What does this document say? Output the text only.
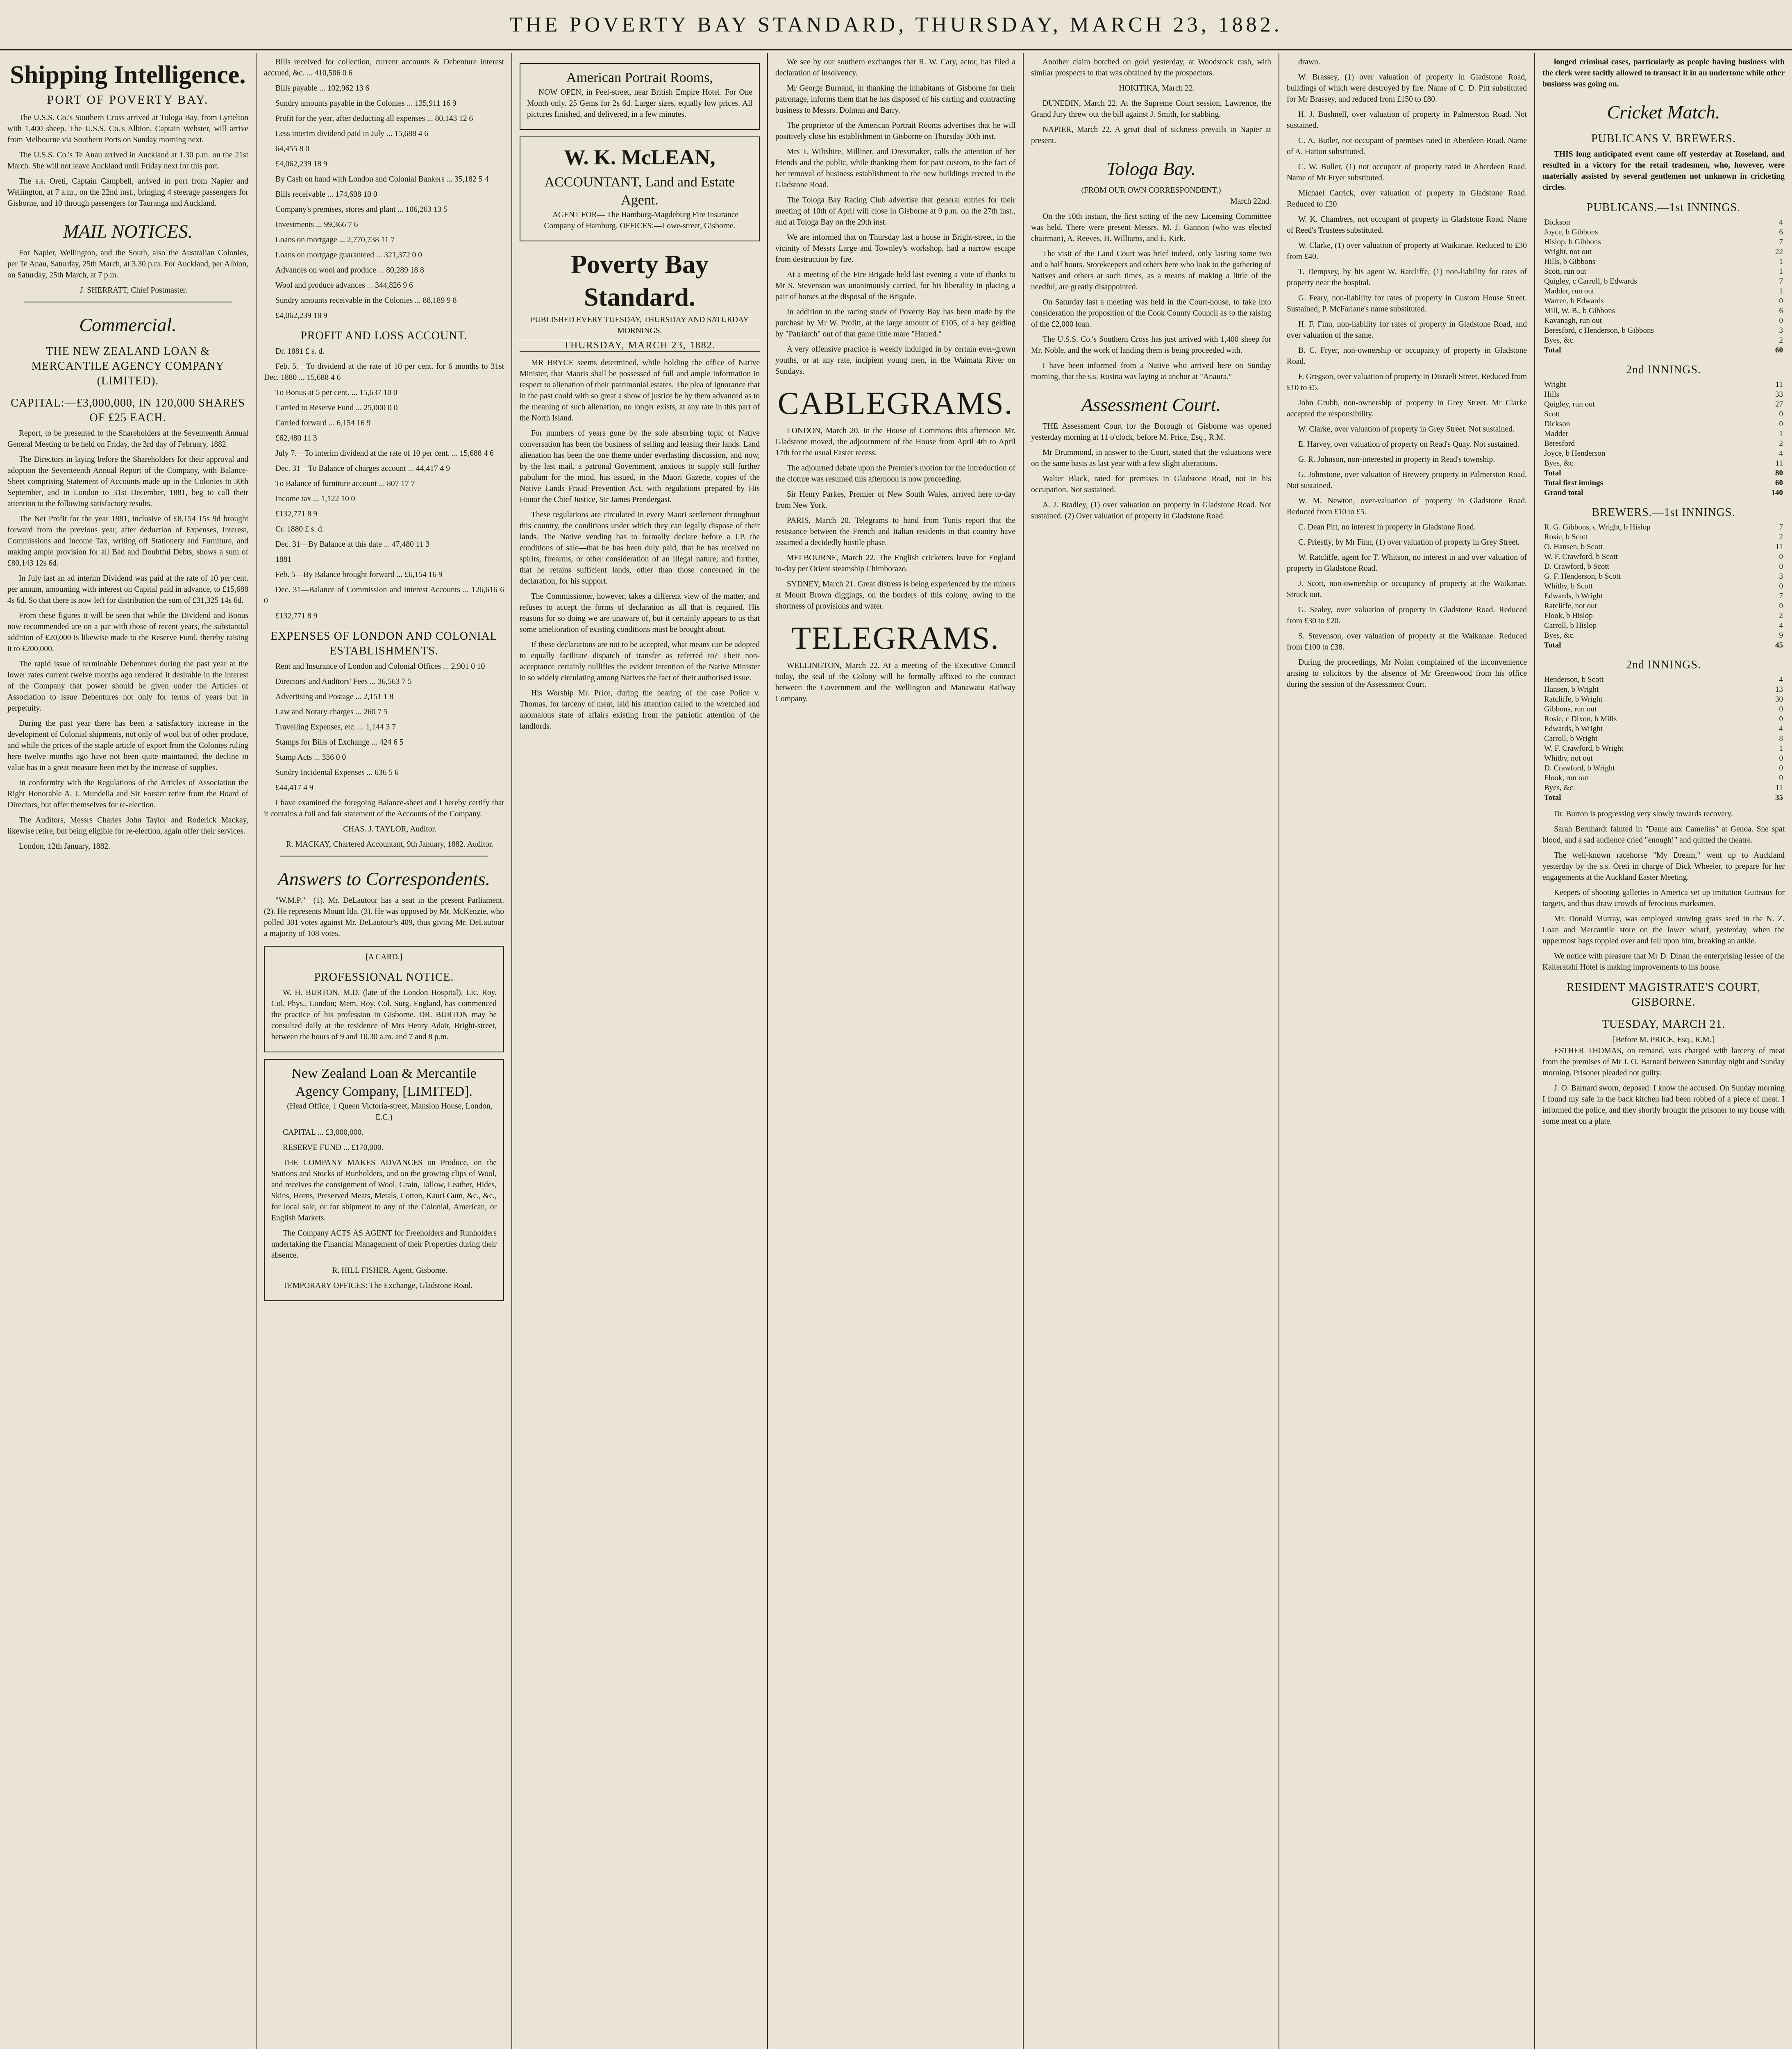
THE POVERTY BAY STANDARD, THURSDAY, MARCH 23, 1882.
Shipping Intelligence.
PORT OF POVERTY BAY.

The U.S.S. Co.'s Southern Cross arrived at Tologa Bay, from Lyttelton with 1,400 sheep. The U.S.S. Co.'s Albion, Captain Webster, will arrive from Melbourne via Southern Ports on Sunday morning next.

The U.S.S. Co.'s Te Anau arrived in Auckland at 1.30 p.m. on the 21st March. She will not leave Auckland until Friday next for this port.

The s.s. Oreti, Captain Campbell, arrived in port from Napier and Wellington, at 7 a.m., on the 22nd inst., bringing 4 steerage passengers for Gisborne, and 10 through passengers for Tauranga and Auckland.

MAIL NOTICES.

For Napier, Wellington, and the South, also the Australian Colonies, per Te Anau, Saturday, 25th March, at 3.30 p.m. For Auckland, per Albion, on Saturday, 25th March, at 7 p.m.

J. SHERRATT, Chief Postmaster.

Commercial.
THE NEW ZEALAND LOAN & MERCANTILE AGENCY COMPANY (LIMITED).
CAPITAL:—£3,000,000, IN 120,000 SHARES OF £25 EACH.

Report, to be presented to the Shareholders at the Seventeenth Annual General Meeting to be held on Friday, the 3rd day of February, 1882.

The Directors in laying before the Shareholders for their approval and adoption the Seventeenth Annual Report of the Company, with Balance-Sheet comprising Statement of Accounts made up in the Colonies to 30th September, and in London to 31st December, 1881, beg to call their attention to the following satisfactory results.

The Net Profit for the year 1881, inclusive of £8,154 15s 9d brought forward from the previous year, after deduction of Expenses, Interest, Commissions and Income Tax, writing off Stationery and Furniture, and making ample provision for all Bad and Doubtful Debts, shows a sum of £80,143 12s 6d.

In July last an ad interim Dividend was paid at the rate of 10 per cent. per annum, amounting with interest on Capital paid in advance, to £15,688 4s 6d. So that there is now left for distribution the sum of £31,325 14s 6d.

From these figures it will be seen that while the Dividend and Bonus now recommended are on a par with those of recent years, the substantial addition of £20,000 is likewise made to the Reserve Fund, thereby raising it to £200,000.

The rapid issue of terminable Debentures during the past year at the lower rates current twelve months ago rendered it desirable in the interest of the Company that power should be given under the Articles of Association to issue Debentures not only for terms of years but in perpetuity.

During the past year there has been a satisfactory increase in the development of Colonial shipments, not only of wool but of other produce, and while the prices of the staple article of export from the Colonies ruling here twelve months ago have not been quite maintained, the decline in value has in a great measure been met by the increase of supplies.

In conformity with the Regulations of the Articles of Association the Right Honorable A. J. Mundella and Sir Forster retire from the Board of Directors, but offer themselves for re-election.

The Auditors, Messrs Charles John Taylor and Roderick Mackay, likewise retire, but being eligible for re-election, again offer their services.

London, 12th January, 1882.

Bills received for collection, current accounts & Debenture interest accrued, &c. ... 410,506 0 6

Bills payable ... 102,962 13 6

Sundry amounts payable in the Colonies ... 135,911 16 9

Profit for the year, after deducting all expenses ... 80,143 12 6

Less interim dividend paid in July ... 15,688 4 6

64,455 8 0

£4,062,239 18 9

By Cash on hand with London and Colonial Bankers ... 35,182 5 4

Bills receivable ... 174,608 10 0

Company's premises, stores and plant ... 106,263 13 5

Investments ... 99,366 7 6

Loans on mortgage ... 2,770,738 11 7

Loans on mortgage guaranteed ... 321,372 0 0

Advances on wool and produce ... 80,289 18 8

Wool and produce advances ... 344,826 9 6

Sundry amounts receivable in the Colonies ... 88,189 9 8

£4,062,239 18 9

PROFIT AND LOSS ACCOUNT.

Dr. 1881 £ s. d.

Feb. 5.—To dividend at the rate of 10 per cent. for 6 months to 31st Dec. 1880 ... 15,688 4 6

To Bonus at 5 per cent. ... 15,637 10 0

Carried to Reserve Fund ... 25,000 0 0

Carried forward ... 6,154 16 9

£62,480 11 3

July 7.—To interim dividend at the rate of 10 per cent. ... 15,688 4 6

Dec. 31—To Balance of charges account ... 44,417 4 9

To Balance of furniture account ... 807 17 7

Income tax ... 1,122 10 0

£132,771 8 9

Cr. 1880 £ s. d.

Dec. 31—By Balance at this date ... 47,480 11 3

1881

Feb. 5—By Balance brought forward ... £6,154 16 9

Dec. 31—Balance of Commission and Interest Accounts ... 126,616 6 0

£132,771 8 9

EXPENSES OF LONDON AND COLONIAL ESTABLISHMENTS.

Rent and Insurance of London and Colonial Offices ... 2,901 0 10

Directors' and Auditors' Fees ... 36,563 7 5

Advertising and Postage ... 2,151 1 8

Law and Notary charges ... 260 7 5

Travelling Expenses, etc. ... 1,144 3 7

Stamps for Bills of Exchange ... 424 6 5

Stamp Acts ... 336 0 0

Sundry Incidental Expenses ... 636 5 6

£44,417 4 9

I have examined the foregoing Balance-sheet and I hereby certify that it contains a full and fair statement of the Accounts of the Company.

CHAS. J. TAYLOR, Auditor.

R. MACKAY, Chartered Accountant, 9th January, 1882. Auditor.

Answers to Correspondents.

"W.M.P."—(1). Mr. DeLautour has a seat in the present Parliament. (2). He represents Mount Ida. (3). He was opposed by Mr. McKenzie, who polled 301 votes against Mr. DeLautour's 409, thus giving Mr. DeLautour a majority of 108 votes.

[A CARD.]
PROFESSIONAL NOTICE.

W. H. BURTON, M.D. (late of the London Hospital), Lic. Roy. Col. Phys., London; Mem. Roy. Col. Surg. England, has commenced the practice of his profession in Gisborne. DR. BURTON may be consulted daily at the residence of Mrs Henry Adair, Bright-street, between the hours of 9 and 10.30 a.m. and 7 and 8 p.m.

New Zealand Loan & Mercantile Agency Company, [LIMITED].

(Head Office, 1 Queen Victoria-street, Mansion House, London, E.C.)

CAPITAL ... £3,000,000.

RESERVE FUND ... £170,000.

THE COMPANY MAKES ADVANCES on Produce, on the Stations and Stocks of Runholders, and on the growing clips of Wool, and receives the consignment of Wool, Grain, Tallow, Leather, Hides, Skins, Horns, Preserved Meats, Metals, Cotton, Kauri Gum, &c., &c., for local sale, or for shipment to any of the Colonial, American, or English Markets.

The Company ACTS AS AGENT for Freeholders and Runholders undertaking the Financial Management of their Properties during their absence.

R. HILL FISHER, Agent, Gisborne.

TEMPORARY OFFICES: The Exchange, Gladstone Road.

American Portrait Rooms,

NOW OPEN, in Peel-street, near British Empire Hotel. For One Month only. 25 Gems for 2s 6d. Larger sizes, equally low prices. All pictures finished, and delivered, in a few minutes.

W. K. McLEAN,
ACCOUNTANT, Land and Estate Agent.

AGENT FOR— The Hamburg-Magdeburg Fire Insurance Company of Hamburg. OFFICES:—Lowe-street, Gisborne.

Poverty Bay Standard.
PUBLISHED EVERY TUESDAY, THURSDAY AND SATURDAY MORNINGS.
THURSDAY, MARCH 23, 1882.

MR BRYCE seems determined, while holding the office of Native Minister, that Maoris shall be possessed of full and ample information in respect to alienation of their patrimonial estates. The plea of ignorance that in the past could with so great a show of justice be by them advanced as to the meaning of such alienation, no longer exists, at any rate in this part of the North Island.

For numbers of years gone by the sole absorbing topic of Native conversation has been the business of selling and leasing their lands. Land alienation has been the one theme under everlasting discussion, and now, by the last mail, a patronal Government, anxious to supply still further pabulum for the mind, has issued, in the Maori Gazette, copies of the Native Lands Fraud Prevention Act, with regulations prepared by His Honor the Chief Justice, Sir James Prendergast.

These regulations are circulated in every Maori settlement throughout this country, the conditions under which they can legally dispose of their lands. The Native vending has to formally declare before a J.P. the conditions of sale—that he has been duly paid, that he has received no spirits, firearms, or other consideration of an illegal nature; and further, that he retains sufficient lands, other than those concerned in the declaration, for his support.

The Commissioner, however, takes a different view of the matter, and refuses to accept the forms of declaration as all that is required. His reasons for so doing we are unaware of, but it certainly appears to us that some amelioration of existing conditions must be brought about.

If these declarations are not to be accepted, what means can be adopted to equally facilitate dispatch of transfer as referred to? Their non-acceptance certainly nullifies the evident intention of the Native Minister in so widely circulating among Natives the fact of their authorised issue.

His Worship Mr. Price, during the hearing of the case Police v. Thomas, for larceny of meat, laid his attention called to the wretched and anomalous state of affairs existing from the patriotic attention of the landlords.

We see by our southern exchanges that R. W. Cary, actor, has filed a declaration of insolvency.

Mr George Burnand, in thanking the inhabitants of Gisborne for their patronage, informs them that he has disposed of his carting and contracting business to Messrs. Dolman and Barry.

The proprietor of the American Portrait Rooms advertises that he will positively close his establishment in Gisborne on Thursday 30th inst.

Mrs T. Wiltshire, Milliner, and Dressmaker, calls the attention of her friends and the public, while thanking them for past custom, to the fact of her removal of business establishment to the new buildings erected in the Gladstone Road.

The Tologa Bay Racing Club advertise that general entries for their meeting of 10th of April will close in Gisborne at 9 p.m. on the 27th inst., and at Tologa Bay on the 29th inst.

We are informed that on Thursday last a house in Bright-street, in the vicinity of Messrs Large and Townley's workshop, had a narrow escape from destruction by fire.

At a meeting of the Fire Brigade held last evening a vote of thanks to Mr S. Stevenson was unanimously carried, for his liberality in placing a pair of horses at the disposal of the Brigade.

In addition to the racing stock of Poverty Bay has been made by the purchase by Mr W. Profitt, at the large amount of £105, of a bay gelding by "Patriarch" out of that game little mare "Hatred."

A very offensive practice is weekly indulged in by certain ever-grown youths, or at any rate, incipient young men, in the Waimata River on Sundays.

CABLEGRAMS.

LONDON, March 20. In the House of Commons this afternoon Mr. Gladstone moved, the adjournment of the House from April 4th to April 17th for the usual Easter recess.

The adjourned debate upon the Premier's motion for the introduction of the cloture was resumed this afternoon is now proceeding.

Sir Henry Parkes, Premier of New South Wales, arrived here to-day from New York.

PARIS, March 20. Telegrams to hand from Tunis report that the resistance between the French and Italian residents in that country have assumed a decidedly hostile phase.

MELBOURNE, March 22. The English cricketers leave for England to-day per Orient steamship Chimborazo.

SYDNEY, March 21. Great distress is being experienced by the miners at Mount Brown diggings, on the borders of this colony, owing to the shortness of provisions and water.

TELEGRAMS.

WELLINGTON, March 22. At a meeting of the Executive Council today, the seal of the Colony will be formally affixed to the contract between the Government and the Wellington and Manawatu Railway Company.

Another claim botched on gold yesterday, at Woodstock rush, with similar prospects to that was obtained by the prospectors.

HOKITIKA, March 22.

DUNEDIN, March 22. At the Supreme Court session, Lawrence, the Grand Jury threw out the bill against J. Smith, for stabbing.

NAPIER, March 22. A great deal of sickness prevails in Napier at present.

Tologa Bay.
(FROM OUR OWN CORRESPONDENT.)

March 22nd.

On the 10th instant, the first sitting of the new Licensing Committee was held. There were present Messrs. M. J. Gannon (who was elected chairman), A. Reeves, H. Williams, and E. Kirk.

The visit of the Land Court was brief indeed, only lasting some two and a half hours. Storekeepers and others here who look to the gathering of Natives and others at such times, as a means of making a little of the needful, are greatly disappointed.

On Saturday last a meeting was held in the Court-house, to take into consideration the proposition of the Cook County Council as to the raising of the £2,000 loan.

The U.S.S. Co.'s Southern Cross has just arrived with 1,400 sheep for Mr. Noble, and the work of landing them is being proceeded with.

I have been informed from a Native who arrived here on Sunday morning, that the s.s. Rosina was laying at anchor at "Anaura."

Assessment Court.

THE Assessment Court for the Borough of Gisborne was opened yesterday morning at 11 o'clock, before M. Price, Esq., R.M.

Mr Drummond, in answer to the Court, stated that the valuations were on the same basis as last year with a few slight alterations.

Walter Black, rated for premises in Gladstone Road, not in his occupation. Not sustained.

A. J. Bradley, (1) over valuation on property in Gladstone Road. Not sustained. (2) Over valuation of property in Gladstone Road.

drawn.

W. Brassey, (1) over valuation of property in Gladstone Road, buildings of which were destroyed by fire. Name of C. D. Pitt substituted for Mr Brassey, and reduced from £150 to £80.

H. J. Bushnell, over valuation of property in Palmerston Road. Not sustained.

C. A. Butler, not occupant of premises rated in Aberdeen Road. Name of A. Hatton substituted.

C. W. Buller, (1) not occupant of property rated in Aberdeen Road. Name of Mr Fryer substituted.

Michael Carrick, over valuation of property in Gladstone Road. Reduced to £20.

W. K. Chambers, not occupant of property in Gladstone Road. Name of Reed's Trustees substituted.

W. Clarke, (1) over valuation of property at Waikanae. Reduced to £30 from £40.

T. Dempsey, by his agent W. Ratcliffe, (1) non-liability for rates of property near the hospital.

G. Feary, non-liability for rates of property in Custom House Street. Sustained; P. McFarlane's name substituted.

H. F. Finn, non-liability for rates of property in Gladstone Road, and over valuation of the same.

B. C. Fryer, non-ownership or occupancy of property in Gladstone Road.

F. Gregson, over valuation of property in Disraeli Street. Reduced from £10 to £5.

John Grubb, non-ownership of property in Grey Street. Mr Clarke accepted the responsibility.

W. Clarke, over valuation of property in Grey Street. Not sustained.

E. Harvey, over valuation of property on Read's Quay. Not sustained.

G. R. Johnson, non-interested in property in Read's township.

G. Johnstone, over valuation of Brewery property in Palmerston Road. Not sustained.

W. M. Newton, over-valuation of property in Gladstone Road. Reduced from £10 to £5.

C. Dean Pitt, no interest in property in Gladstone Road.

C. Priestly, by Mr Finn, (1) over valuation of property in Grey Street.

W. Ratcliffe, agent for T. Whitson, no interest in and over valuation of property in Gladstone Road.

J. Scott, non-ownership or occupancy of property at the Waikanae. Struck out.

G. Sealey, over valuation of property in Gladstone Road. Reduced from £30 to £20.

S. Stevenson, over valuation of property at the Waikanae. Reduced from £100 to £38.

During the proceedings, Mr Nolan complained of the inconvenience arising to solicitors by the absence of Mr Greenwood from his office during the session of the Assessment Court.

longed criminal cases, particularly as people having business with the clerk were tacitly allowed to transact it in an undertone while other business was going on.

Cricket Match.
PUBLICANS V. BREWERS.

THIS long anticipated event came off yesterday at Roseland, and resulted in a victory for the retail tradesmen, who, however, were materially assisted by several gentlemen not unknown in cricketing circles.

PUBLICANS.—1st INNINGS.
Dickson	4
Joyce, b Gibbons	6
Hislop, b Gibbons	7
Wright, not out	22
Hills, b Gibbons	1
Scott, run out	1
Quigley, c Carroll, b Edwards	7
Madder, run out	1
Warren, b Edwards	0
Mill, W. B., b Gibbons	6
Kavanagh, run out	0
Beresford, c Henderson, b Gibbons	3
Byes, &c.	2
Total	60
2nd INNINGS.
Wright	11
Hills	33
Quigley, run out	27
Scott	0
Dickson	0
Madder	1
Beresford	2
Joyce, b Henderson	4
Byes, &c.	11
Total	80
Total first innings	60
Grand total	140
BREWERS.—1st INNINGS.
R. G. Gibbons, c Wright, b Hislop	7
Rosie, b Scott	2
O. Hansen, b Scott	11
W. F. Crawford, b Scott	0
D. Crawford, b Scott	0
G. F. Henderson, b Scott	3
Whitby, b Scott	0
Edwards, b Wright	7
Ratcliffe, not out	0
Flook, b Hislop	2
Carroll, b Hislop	4
Byes, &c.	9
Total	45
2nd INNINGS.
Henderson, b Scott	4
Hansen, b Wright	13
Ratcliffe, b Wright	30
Gibbons, run out	0
Rosie, c Dixon, b Mills	0
Edwards, b Wright	4
Carroll, b Wright	8
W. F. Crawford, b Wright	1
Whitby, not out	0
D. Crawford, b Wright	0
Flook, run out	0
Byes, &c.	11
Total	35

Dr. Burton is progressing very slowly towards recovery.

Sarah Bernhardt fainted in "Dame aux Camelias" at Genoa. She spat blood, and a sad audience cried "enough!" and quitted the theatre.

The well-known racehorse "My Dream," went up to Auckland yesterday by the s.s. Oreti in charge of Dick Wheeler, to prepare for her engagements at the Auckland Easter Meeting.

Keepers of shooting galleries in America set up imitation Guiteaus for targets, and thus draw crowds of ferocious marksmen.

Mr. Donald Murray, was employed stowing grass seed in the N. Z. Loan and Mercantile store on the lower wharf, yesterday, when the uppermost bags toppled over and fell upon him, breaking an ankle.

We notice with pleasure that Mr D. Dinan the enterprising lessee of the Kaiteratahi Hotel is making improvements to his house.

RESIDENT MAGISTRATE'S COURT, GISBORNE.
TUESDAY, MARCH 21.
[Before M. PRICE, Esq., R.M.]

ESTHER THOMAS, on remand, was charged with larceny of meat from the premises of Mr J. O. Barnard between Saturday night and Sunday morning. Prisoner pleaded not guilty.

J. O. Barnard sworn, deposed: I know the accused. On Sunday morning I found my safe in the back kitchen had been robbed of a piece of meat. I informed the police, and they shortly brought the prisoner to my house with some meat on a plate.
